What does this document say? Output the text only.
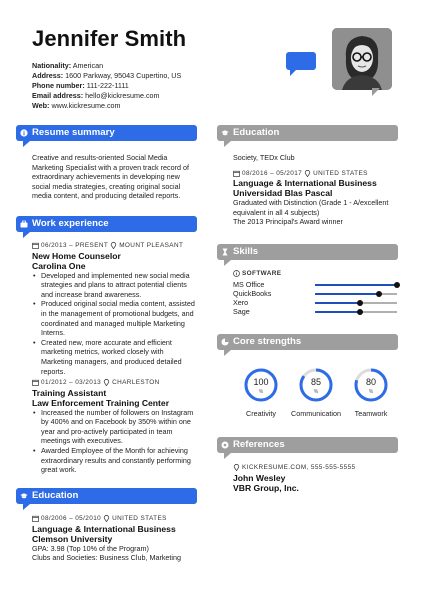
Jennifer Smith
Nationality: American
Address: 1600 Parkway, 95043 Cupertino, US
Phone number: 111-222-1111
Email address: hello@kickresume.com
Web: www.kickresume.com
Resume summary
Creative and results-oriented Social Media Marketing Specialist with a proven track record of extraordinary achievements in developing new social media strategies, creating original social media content, and producing detailed reports.
Work experience
06/2013 – PRESENT MOUNT PLEASANT
New Home Counselor
Carolina One
• Developed and implemented new social media strategies and plans to attract potential clients and increase brand awareness.
• Produced original social media content, assisted in the management of promotional budgets, and coordinated and managed multiple Marketing Interns.
• Created new, more accurate and efficient marketing metrics, worked closely with Marketing managers, and produced detailed reports.
01/2012 – 03/2013 CHARLESTON
Training Assistant
Law Enforcement Training Center
• Increased the number of followers on Instagram by 400% and on Facebook by 350% within one year and pro-actively participated in team meetings with executives.
• Awarded Employee of the Month for achieving extraordinary results and constantly performing great work.
Education
08/2006 – 05/2010 UNITED STATES
Language & International Business
Clemson University
GPA: 3.98 (Top 10% of the Program)
Clubs and Societies: Business Club, Marketing
Education
Society, TEDx Club
08/2016 – 05/2017 UNITED STATES
Language & International Business
Universidad Blas Pascal
Graduated with Distinction (Grade 1 - A/excellent equivalent in all 4 subjects)
The 2013 Principal's Award winner
Skills
SOFTWARE
MS Office
QuickBooks
Xero
Sage
Core strengths
100
%
Creativity
85
%
Communication
80
%
Teamwork
References
KICKRESUME.COM, 555-555-5555
John Wesley
VBR Group, Inc.
